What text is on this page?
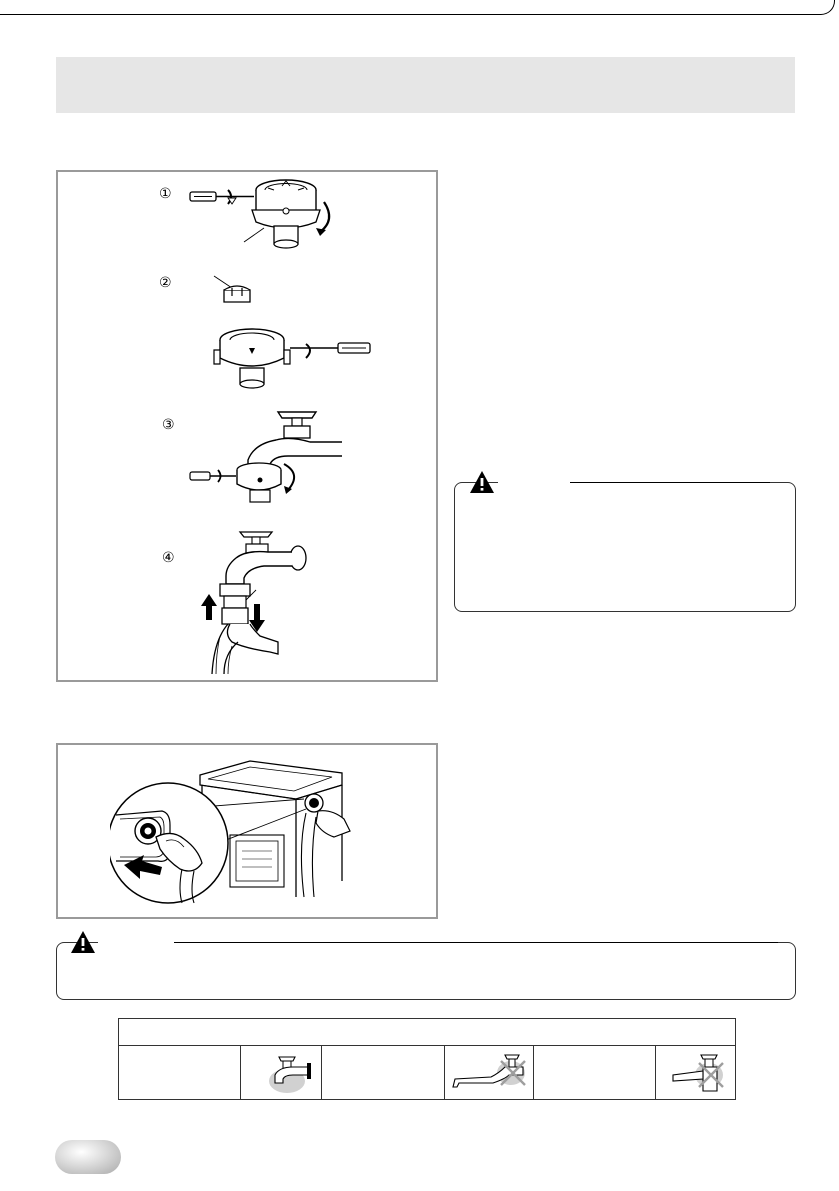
①
②
③
④
